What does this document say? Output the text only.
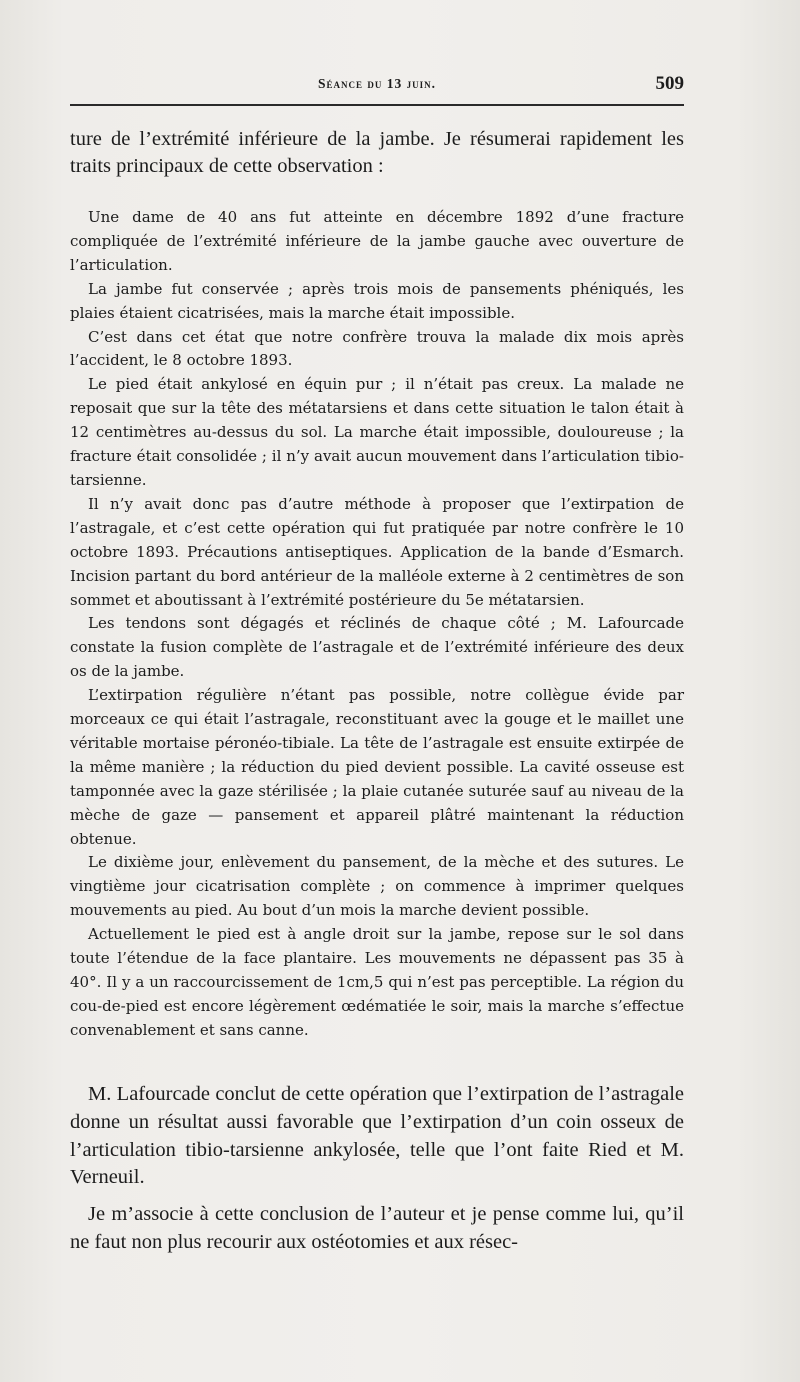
Séance du 13 juin.	509

ture de l’extrémité inférieure de la jambe. Je résumerai rapidement les traits principaux de cette observation :

Une dame de 40 ans fut atteinte en décembre 1892 d’une fracture compliquée de l’extrémité inférieure de la jambe gauche avec ouverture de l’articulation.

La jambe fut conservée ; après trois mois de pansements phéniqués, les plaies étaient cicatrisées, mais la marche était impossible.

C’est dans cet état que notre confrère trouva la malade dix mois après l’accident, le 8 octobre 1893.

Le pied était ankylosé en équin pur ; il n’était pas creux. La malade ne reposait que sur la tête des métatarsiens et dans cette situation le talon était à 12 centimètres au-dessus du sol. La marche était impossible, douloureuse ; la fracture était consolidée ; il n’y avait aucun mouvement dans l’articulation tibio-tarsienne.

Il n’y avait donc pas d’autre méthode à proposer que l’extirpation de l’astragale, et c’est cette opération qui fut pratiquée par notre confrère le 10 octobre 1893. Précautions antiseptiques. Application de la bande d’Esmarch. Incision partant du bord antérieur de la malléole externe à 2 centimètres de son sommet et aboutissant à l’extrémité postérieure du 5e métatarsien.

Les tendons sont dégagés et réclinés de chaque côté ; M. Lafourcade constate la fusion complète de l’astragale et de l’extrémité inférieure des deux os de la jambe.

L’extirpation régulière n’étant pas possible, notre collègue évide par morceaux ce qui était l’astragale, reconstituant avec la gouge et le maillet une véritable mortaise péronéo-tibiale. La tête de l’astragale est ensuite extirpée de la même manière ; la réduction du pied devient possible. La cavité osseuse est tamponnée avec la gaze stérilisée ; la plaie cutanée suturée sauf au niveau de la mèche de gaze — pansement et appareil plâtré maintenant la réduction obtenue.

Le dixième jour, enlèvement du pansement, de la mèche et des sutures. Le vingtième jour cicatrisation complète ; on commence à imprimer quelques mouvements au pied. Au bout d’un mois la marche devient possible.

Actuellement le pied est à angle droit sur la jambe, repose sur le sol dans toute l’étendue de la face plantaire. Les mouvements ne dépassent pas 35 à 40°. Il y a un raccourcissement de 1cm,5 qui n’est pas perceptible. La région du cou-de-pied est encore légèrement œdématiée le soir, mais la marche s’effectue convenablement et sans canne.

M. Lafourcade conclut de cette opération que l’extirpation de l’astragale donne un résultat aussi favorable que l’extirpation d’un coin osseux de l’articulation tibio-tarsienne ankylosée, telle que l’ont faite Ried et M. Verneuil.

Je m’associe à cette conclusion de l’auteur et je pense comme lui, qu’il ne faut non plus recourir aux ostéotomies et aux résec-
